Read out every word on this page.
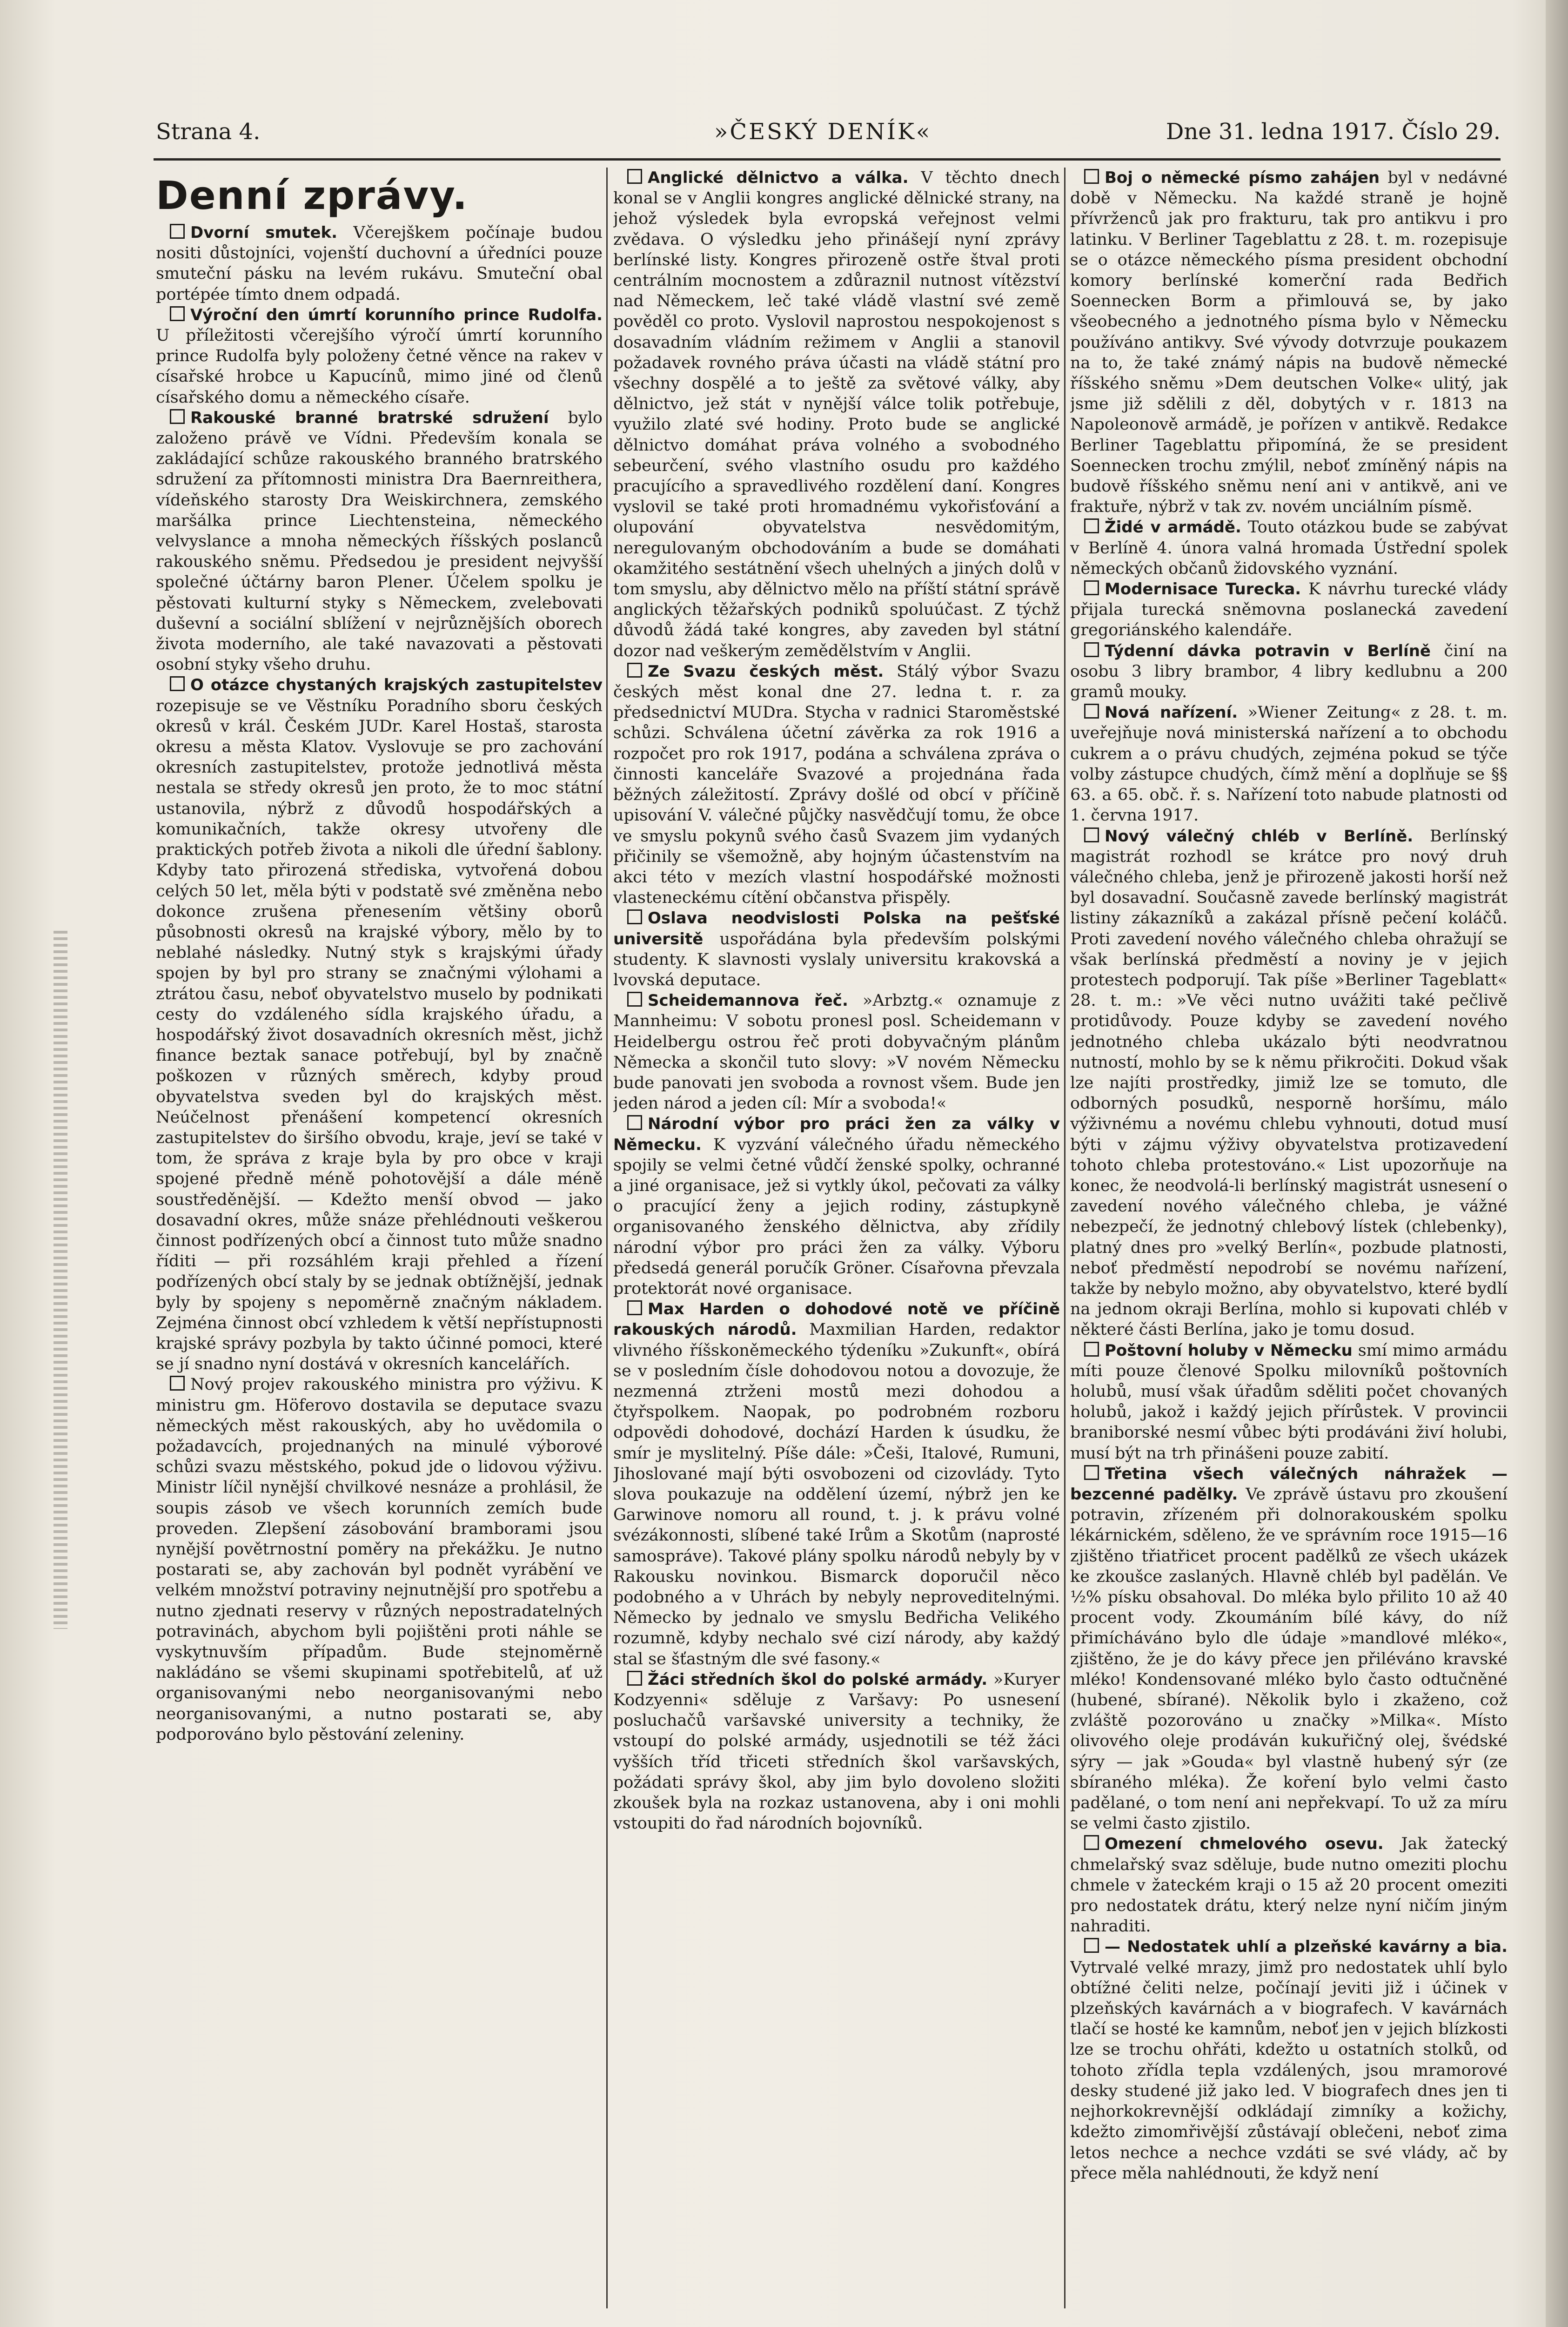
Strana 4.	»ČESKÝ DENÍK«	Dne 31. ledna 1917. Číslo 29.
Denní zprávy.

Dvorní smutek. Včerejškem počínaje budou nositi důstojníci, vojenští duchovní a úředníci pouze smuteční pásku na levém rukávu. Smuteční obal portépée tímto dnem odpadá.

Výroční den úmrtí korunního prince Rudolfa. U příležitosti včerejšího výročí úmrtí korunního prince Rudolfa byly položeny četné věnce na rakev v císařské hrobce u Kapucínů, mimo jiné od členů císařského domu a německého císaře.

Rakouské branné bratrské sdružení bylo založeno právě ve Vídni. Především konala se zakládající schůze rakouského branného bratrského sdružení za přítomnosti ministra Dra Baernreithera, vídeňského starosty Dra Weiskirchnera, zemského maršálka prince Liechtensteina, německého velvyslance a mnoha německých říšských poslanců rakouského sněmu. Předsedou je president nejvyšší společné účtárny baron Plener. Účelem spolku je pěstovati kulturní styky s Německem, zvelebovati duševní a sociální sblížení v nejrůznějších oborech života moderního, ale také navazovati a pěstovati osobní styky všeho druhu.

O otázce chystaných krajských zastupitelstev rozepisuje se ve Věstníku Poradního sboru českých okresů v král. Českém JUDr. Karel Hostaš, starosta okresu a města Klatov. Vyslovuje se pro zachování okresních zastupitelstev, protože jednotlivá města nestala se středy okresů jen proto, že to moc státní ustanovila, nýbrž z důvodů hospodářských a komunikačních, takže okresy utvořeny dle praktických potřeb života a nikoli dle úřední šablony. Kdyby tato přirozená střediska, vytvořená dobou celých 50 let, měla býti v podstatě své změněna nebo dokonce zrušena přenesením většiny oborů působnosti okresů na krajské výbory, mělo by to neblahé následky. Nutný styk s krajskými úřady spojen by byl pro strany se značnými výlohami a ztrátou času, neboť obyvatelstvo muselo by podnikati cesty do vzdáleného sídla krajského úřadu, a hospodářský život dosavadních okresních měst, jichž finance beztak sanace potřebují, byl by značně poškozen v různých směrech, kdyby proud obyvatelstva sveden byl do krajských měst. Neúčelnost přenášení kompetencí okresních zastupitelstev do širšího obvodu, kraje, jeví se také v tom, že správa z kraje byla by pro obce v kraji spojené předně méně pohotovější a dále méně soustředěnější. — Kdežto menší obvod — jako dosavadní okres, může snáze přehlédnouti veškerou činnost podřízených obcí a činnost tuto může snadno říditi — při rozsáhlém kraji přehled a řízení podřízených obcí staly by se jednak obtížnější, jednak byly by spojeny s nepoměrně značným nákladem. Zejména činnost obcí vzhledem k větší nepřístupnosti krajské správy pozbyla by takto účinné pomoci, které se jí snadno nyní dostává v okresních kancelářích.

Nový projev rakouského ministra pro výživu. K ministru gm. Höferovo dostavila se deputace svazu německých měst rakouských, aby ho uvědomila o požadavcích, projednaných na minulé výborové schůzi svazu městského, pokud jde o lidovou výživu. Ministr líčil nynější chvilkové nesnáze a prohlásil, že soupis zásob ve všech korunních zemích bude proveden. Zlepšení zásobování bramborami jsou nynější povětrnostní poměry na překážku. Je nutno postarati se, aby zachován byl podnět vyrábění ve velkém množství potraviny nejnutnější pro spotřebu a nutno zjednati reservy v různých nepostradatelných potravinách, abychom byli pojištěni proti náhle se vyskytnuvším případům. Bude stejnoměrně nakládáno se všemi skupinami spotřebitelů, ať už organisovanými nebo neorganisovanými nebo neorganisovanými, a nutno postarati se, aby podporováno bylo pěstování zeleniny.

Anglické dělnictvo a válka. V těchto dnech konal se v Anglii kongres anglické dělnické strany, na jehož výsledek byla evropská veřejnost velmi zvědava. O výsledku jeho přinášejí nyní zprávy berlínské listy. Kongres přirozeně ostře štval proti centrálním mocnostem a zdůraznil nutnost vítězství nad Německem, leč také vládě vlastní své země pověděl co proto. Vyslovil naprostou nespokojenost s dosavadním vládním režimem v Anglii a stanovil požadavek rovného práva účasti na vládě státní pro všechny dospělé a to ještě za světové války, aby dělnictvo, jež stát v nynější válce tolik potřebuje, využilo zlaté své hodiny. Proto bude se anglické dělnictvo domáhat práva volného a svobodného sebeurčení, svého vlastního osudu pro každého pracujícího a spravedlivého rozdělení daní. Kongres vyslovil se také proti hromadnému vykořisťování a olupování obyvatelstva nesvědomitým, neregulovaným obchodováním a bude se domáhati okamžitého sestátnění všech uhelných a jiných dolů v tom smyslu, aby dělnictvo mělo na příští státní správě anglických těžařských podniků spoluúčast. Z týchž důvodů žádá také kongres, aby zaveden byl státní dozor nad veškerým zemědělstvím v Anglii.

Ze Svazu českých měst. Stálý výbor Svazu českých měst konal dne 27. ledna t. r. za předsednictví MUDra. Stycha v radnici Staroměstské schůzi. Schválena účetní závěrka za rok 1916 a rozpočet pro rok 1917, podána a schválena zpráva o činnosti kanceláře Svazové a projednána řada běžných záležitostí. Zprávy došlé od obcí v příčině upisování V. válečné půjčky nasvědčují tomu, že obce ve smyslu pokynů svého časů Svazem jim vydaných přičinily se všemožně, aby hojným účastenstvím na akci této v mezích vlastní hospodářské možnosti vlasteneckému cítění občanstva přispěly.

Oslava neodvislosti Polska na pešťské universitě uspořádána byla především polskými studenty. K slavnosti vyslaly universitu krakovská a lvovská deputace.

Scheidemannova řeč. »Arbztg.« oznamuje z Mannheimu: V sobotu pronesl posl. Scheidemann v Heidelbergu ostrou řeč proti dobyvačným plánům Německa a skončil tuto slovy: »V novém Německu bude panovati jen svoboda a rovnost všem. Bude jen jeden národ a jeden cíl: Mír a svoboda!«

Národní výbor pro práci žen za války v Německu. K vyzvání válečného úřadu německého spojily se velmi četné vůdčí ženské spolky, ochranné a jiné organisace, jež si vytkly úkol, pečovati za války o pracující ženy a jejich rodiny, zástupkyně organisovaného ženského dělnictva, aby zřídily národní výbor pro práci žen za války. Výboru předsedá generál poručík Gröner. Císařovna převzala protektorát nové organisace.

Max Harden o dohodové notě ve příčině rakouských národů. Maxmilian Harden, redaktor vlivného říšskoněmeckého týdeníku »Zukunft«, obírá se v posledním čísle dohodovou notou a dovozuje, že nezmenná ztrženi mostů mezi dohodou a čtyřspolkem. Naopak, po podrobném rozboru odpovědi dohodové, dochází Harden k úsudku, že smír je myslitelný. Píše dále: »Češi, Italové, Rumuni, Jihoslované mají býti osvobozeni od cizovlády. Tyto slova poukazuje na oddělení území, nýbrž jen ke Garwinove nomoru all round, t. j. k právu volné svézákonnosti, slíbené také Irům a Skotům (naprosté samospráve). Takové plány spolku národů nebyly by v Rakousku novinkou. Bismarck doporučil něco podobného a v Uhrách by nebyly neproveditelnými. Německo by jednalo ve smyslu Bedřicha Velikého rozumně, kdyby nechalo své cizí národy, aby každý stal se šťastným dle své fasony.«

Žáci středních škol do polské armády. »Kuryer Kodzyenni« sděluje z Varšavy: Po usnesení posluchačů varšavské university a techniky, že vstoupí do polské armády, usjednotili se též žáci vyšších tříd třiceti středních škol varšavských, požádati správy škol, aby jim bylo dovoleno složiti zkoušek byla na rozkaz ustanovena, aby i oni mohli vstoupiti do řad národních bojovníků.

Boj o německé písmo zahájen byl v nedávné době v Německu. Na každé straně je hojně přívrženců jak pro frakturu, tak pro antikvu i pro latinku. V Berliner Tageblattu z 28. t. m. rozepisuje se o otázce německého písma president obchodní komory berlínské komerční rada Bedřich Soennecken Borm a přimlouvá se, by jako všeobecného a jednotného písma bylo v Německu používáno antikvy. Své vývody dotvrzuje poukazem na to, že také známý nápis na budově německé říšského sněmu »Dem deutschen Volke« ulitý, jak jsme již sdělili z děl, dobytých v r. 1813 na Napoleonově armádě, je pořízen v antikvě. Redakce Berliner Tageblattu připomíná, že se president Soennecken trochu zmýlil, neboť zmíněný nápis na budově říšského sněmu není ani v antikvě, ani ve fraktuře, nýbrž v tak zv. novém unciálním písmě.

Židé v armádě. Touto otázkou bude se zabývat v Berlíně 4. února valná hromada Ústřední spolek německých občanů židovského vyznání.

Modernisace Turecka. K návrhu turecké vlády přijala turecká sněmovna poslanecká zavedení gregoriánského kalendáře.

Týdenní dávka potravin v Berlíně činí na osobu 3 libry brambor, 4 libry kedlubnu a 200 gramů mouky.

Nová nařízení. »Wiener Zeitung« z 28. t. m. uveřejňuje nová ministerská nařízení a to obchodu cukrem a o právu chudých, zejména pokud se týče volby zástupce chudých, čímž mění a doplňuje se §§ 63. a 65. obč. ř. s. Nařízení toto nabude platnosti od 1. června 1917.

Nový válečný chléb v Berlíně. Berlínský magistrát rozhodl se krátce pro nový druh válečného chleba, jenž je přirozeně jakosti horší než byl dosavadní. Současně zavede berlínský magistrát listiny zákazníků a zakázal přísně pečení koláčů. Proti zavedení nového válečného chleba ohražují se však berlínská předměstí a noviny je v jejich protestech podporují. Tak píše »Berliner Tageblatt« 28. t. m.: »Ve věci nutno uvážiti také pečlivě protidůvody. Pouze kdyby se zavedení nového jednotného chleba ukázalo býti neodvratnou nutností, mohlo by se k němu přikročiti. Dokud však lze najíti prostředky, jimiž lze se tomuto, dle odborných posudků, nesporně horšímu, málo výživnému a novému chlebu vyhnouti, dotud musí býti v zájmu výživy obyvatelstva protizavedení tohoto chleba protestováno.« List upozorňuje na konec, že neodvolá-li berlínský magistrát usnesení o zavedení nového válečného chleba, je vážné nebezpečí, že jednotný chlebový lístek (chlebenky), platný dnes pro »velký Berlín«, pozbude platnosti, neboť předměstí nepodrobí se novému nařízení, takže by nebylo možno, aby obyvatelstvo, které bydlí na jednom okraji Berlína, mohlo si kupovati chléb v některé části Berlína, jako je tomu dosud.

Poštovní holuby v Německu smí mimo armádu míti pouze členové Spolku milovníků poštovních holubů, musí však úřadům sděliti počet chovaných holubů, jakož i každý jejich přírůstek. V provincii braniborské nesmí vůbec býti prodáváni živí holubi, musí být na trh přinášeni pouze zabití.

Třetina všech válečných náhražek — bezcenné padělky. Ve zprávě ústavu pro zkoušení potravin, zřízeném při dolnorakouském spolku lékárnickém, sděleno, že ve správním roce 1915—16 zjištěno třiatřicet procent padělků ze všech ukázek ke zkoušce zaslaných. Hlavně chléb byl padělán. Ve ½% písku obsahoval. Do mléka bylo přilito 10 až 40 procent vody. Zkoumáním bílé kávy, do níž přimícháváno bylo dle údaje »mandlové mléko«, zjištěno, že je do kávy přece jen přiléváno kravské mléko! Kondensované mléko bylo často odtučněné (hubené, sbírané). Několik bylo i zkaženo, což zvláště pozorováno u značky »Milka«. Místo olivového oleje prodáván kukuřičný olej, švédské sýry — jak »Gouda« byl vlastně hubený sýr (ze sbíraného mléka). Že koření bylo velmi často padělané, o tom není ani nepřekvapí. To už za míru se velmi často zjistilo.

Omezení chmelového osevu. Jak žatecký chmelařský svaz sděluje, bude nutno omeziti plochu chmele v žateckém kraji o 15 až 20 procent omeziti pro nedostatek drátu, který nelze nyní ničím jiným nahraditi.

— Nedostatek uhlí a plzeňské kavárny a bia. Vytrvalé velké mrazy, jimž pro nedostatek uhlí bylo obtížné čeliti nelze, počínají jeviti již i účinek v plzeňských kavárnách a v biografech. V kavárnách tlačí se hosté ke kamnům, neboť jen v jejich blízkosti lze se trochu ohřáti, kdežto u ostatních stolků, od tohoto zřídla tepla vzdálených, jsou mramorové desky studené již jako led. V biografech dnes jen ti nejhorkokrevnější odkládají zimníky a kožichy, kdežto zimomřivější zůstávají oblečeni, neboť zima letos nechce a nechce vzdáti se své vlády, ač by přece měla nahlédnouti, že když není
